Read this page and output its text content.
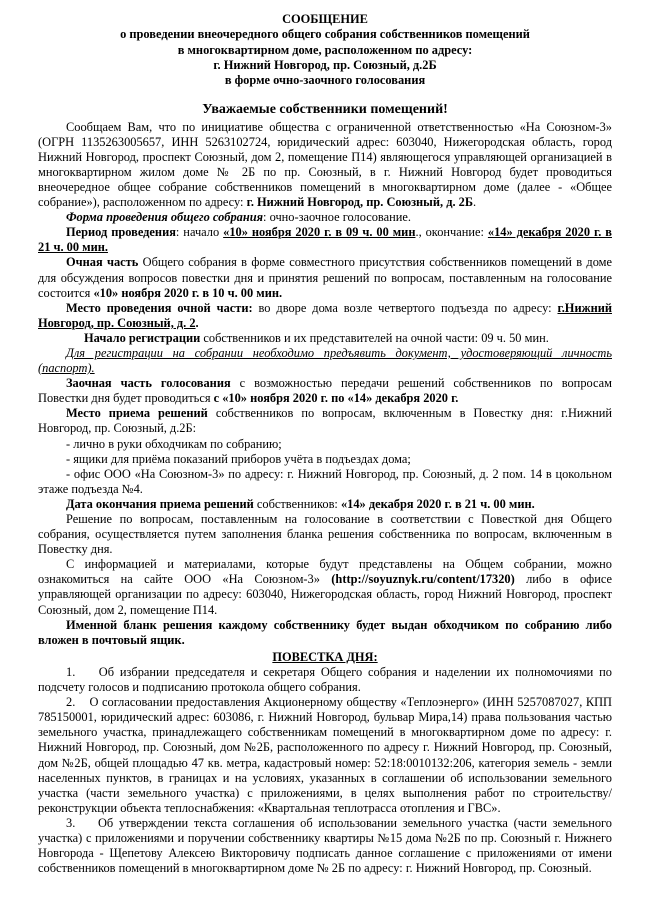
СООБЩЕНИЕ
о проведении внеочередного общего собрания собственников помещений
в многоквартирном доме, расположенном по адресу:
г. Нижний Новгород, пр. Союзный, д.2Б
в форме очно-заочного голосования
Уважаемые собственники помещений!

Сообщаем Вам, что по инициативе общества с ограниченной ответственностью «На Союзном-3» (ОГРН 1135263005657, ИНН 5263102724, юридический адрес: 603040, Нижегородская область, город Нижний Новгород, проспект Союзный, дом 2, помещение П14) являющегося управляющей организацией в многоквартирном жилом доме № 2Б по пр. Союзный, в г. Нижний Новгород будет проводиться внеочередное общее собрание собственников помещений в многоквартирном доме (далее - «Общее собрание»), расположенном по адресу: г. Нижний Новгород, пр. Союзный, д. 2Б.

Форма проведения общего собрания: очно-заочное голосование.

Период проведения: начало «10» ноября 2020 г. в 09 ч. 00 мин., окончание: «14» декабря 2020 г. в 21 ч. 00 мин.

Очная часть Общего собрания в форме совместного присутствия собственников помещений в доме для обсуждения вопросов повестки дня и принятия решений по вопросам, поставленным на голосование состоится «10» ноября 2020 г. в 10 ч. 00 мин.

Место проведения очной части: во дворе дома возле четвертого подъезда по адресу: г.Нижний Новгород, пр. Союзный, д. 2.

Начало регистрации собственников и их представителей на очной части: 09 ч. 50 мин.

Для регистрации на собрании необходимо предъявить документ, удостоверяющий личность (паспорт).

Заочная часть голосования с возможностью передачи решений собственников по вопросам Повестки дня будет проводиться с «10» ноября 2020 г. по «14» декабря 2020 г.

Место приема решений собственников по вопросам, включенным в Повестку дня: г.Нижний Новгород, пр. Союзный, д.2Б:

- лично в руки обходчикам по собранию;

- ящики для приёма показаний приборов учёта в подъездах дома;

- офис ООО «На Союзном-3» по адресу: г. Нижний Новгород, пр. Союзный, д. 2 пом. 14 в цокольном этаже подъезда №4.

Дата окончания приема решений собственников: «14» декабря 2020 г. в 21 ч. 00 мин.

Решение по вопросам, поставленным на голосование в соответствии с Повесткой дня Общего собрания, осуществляется путем заполнения бланка решения собственника по вопросам, включенным в Повестку дня.

С информацией и материалами, которые будут представлены на Общем собрании, можно ознакомиться на сайте ООО «На Союзном-3» (http://soyuznyk.ru/content/17320) либо в офисе управляющей организации по адресу: 603040, Нижегородская область, город Нижний Новгород, проспект Союзный, дом 2, помещение П14.

Именной бланк решения каждому собственнику будет выдан обходчиком по собранию либо вложен в почтовый ящик.

ПОВЕСТКА ДНЯ:

1. Об избрании председателя и секретаря Общего собрания и наделении их полномочиями по подсчету голосов и подписанию протокола общего собрания.

2. О согласовании предоставления Акционерному обществу «Теплоэнерго» (ИНН 5257087027, КПП 785150001, юридический адрес: 603086, г. Нижний Новгород, бульвар Мира,14) права пользования частью земельного участка, принадлежащего собственникам помещений в многоквартирном доме по адресу: г. Нижний Новгород, пр. Союзный, дом №2Б, расположенного по адресу г. Нижний Новгород, пр. Союзный, дом №2Б, общей площадью 47 кв. метра, кадастровый номер: 52:18:0010132:206, категория земель - земли населенных пунктов, в границах и на условиях, указанных в соглашении об использовании земельного участка (части земельного участка) с приложениями, в целях выполнения работ по строительству/реконструкции объекта теплоснабжения: «Квартальная теплотрасса отопления и ГВС».

3. Об утверждении текста соглашения об использовании земельного участка (части земельного участка) с приложениями и поручении собственнику квартиры №15 дома №2Б по пр. Союзный г. Нижнего Новгорода - Щепетову Алексею Викторовичу подписать данное соглашение с приложениями от имени собственников помещений в многоквартирном доме № 2Б по адресу: г. Нижний Новгород, пр. Союзный.
